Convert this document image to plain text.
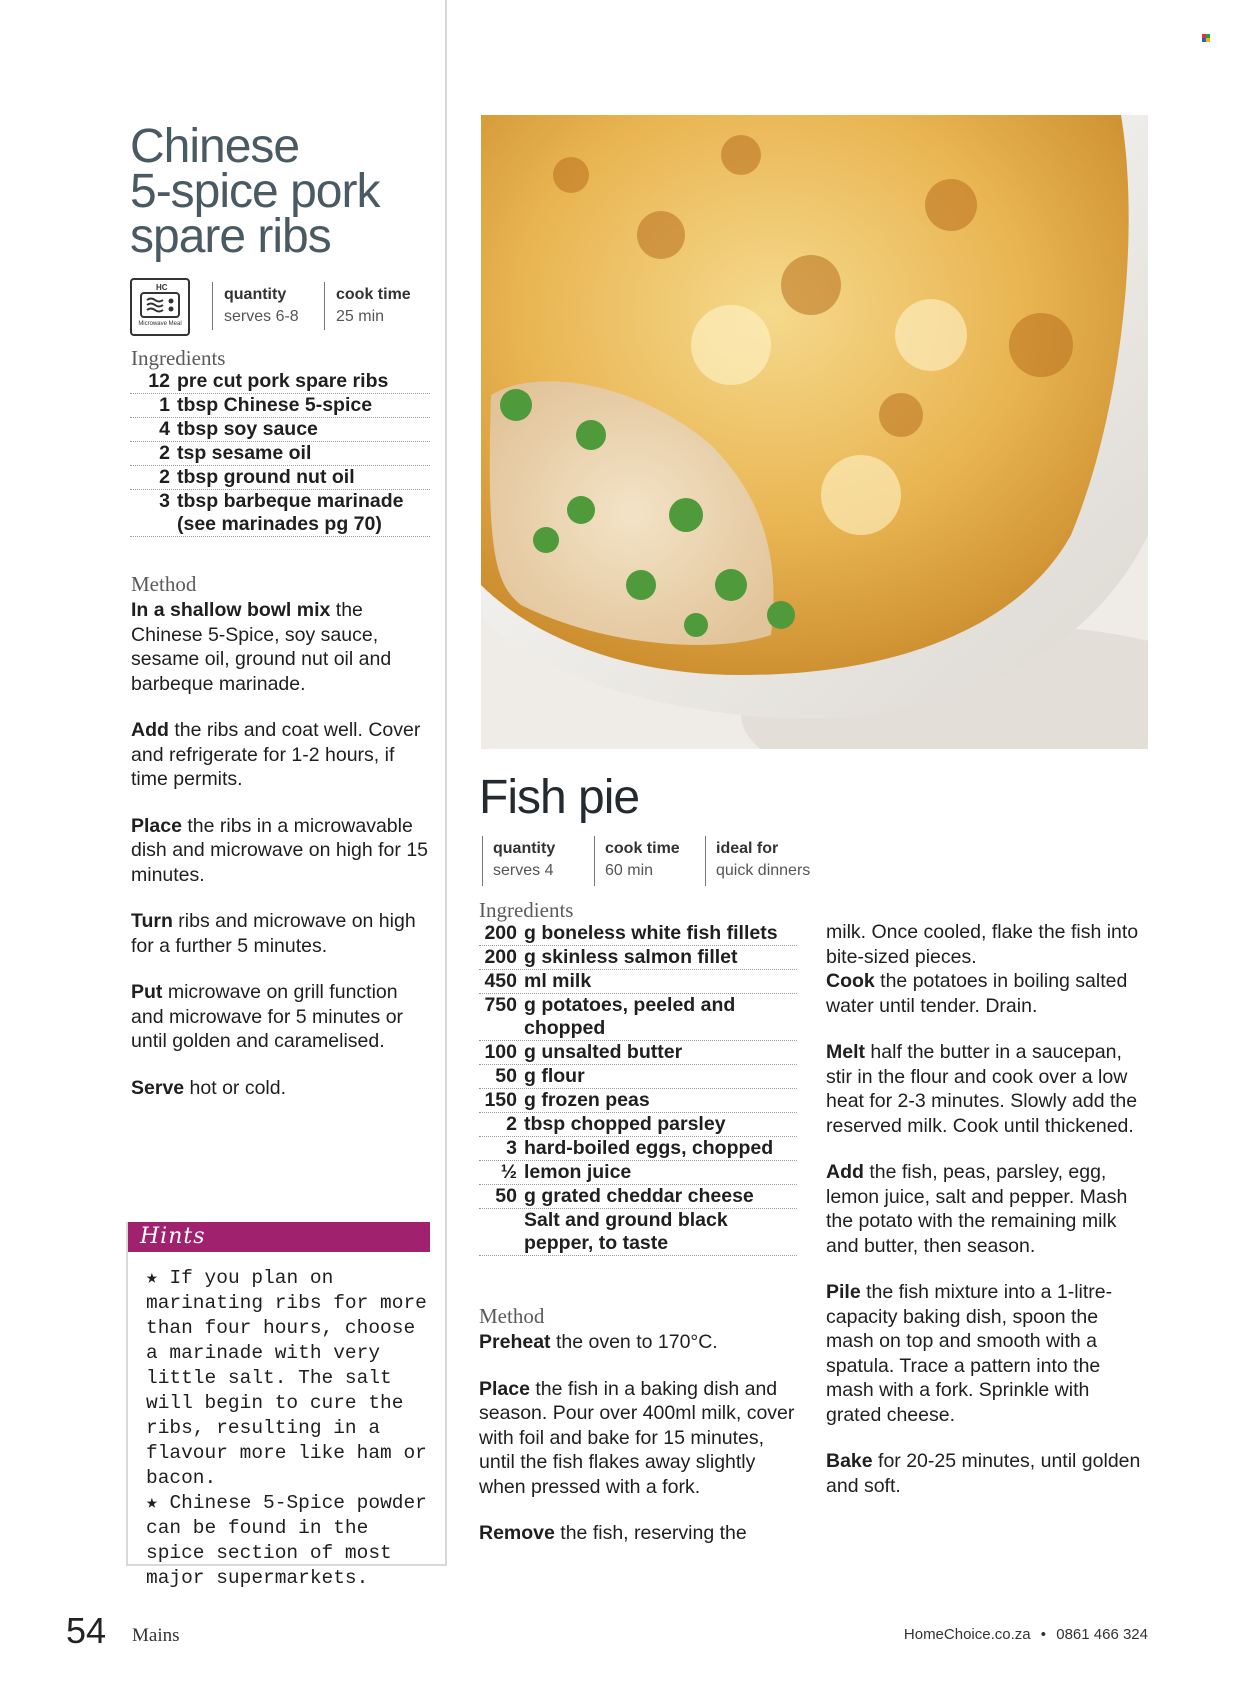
Chinese
5-spice pork
spare ribs
HC
Microwave Meal
quantity
serves 6-8
cook time
25 min
Ingredients
12 pre cut pork spare ribs
1 tbsp Chinese 5-spice
4 tbsp soy sauce
2 tsp sesame oil
2 tbsp ground nut oil
3 tbsp barbeque marinade (see marinades pg 70)
Method

In a shallow bowl mix the Chinese 5-Spice, soy sauce, sesame oil, ground nut oil and barbeque marinade.

Add the ribs and coat well. Cover and refrigerate for 1-2 hours, if time permits.

Place the ribs in a microwavable dish and microwave on high for 15 minutes.

Turn ribs and microwave on high for a further 5 minutes.

Put microwave on grill function and microwave for 5 minutes or until golden and caramelised.

Serve hot or cold.

Hints
★ If you plan on marinating ribs for more than four hours, choose a marinade with very little salt. The salt will begin to cure the ribs, resulting in a flavour more like ham or bacon.
★ Chinese 5-Spice powder can be found in the spice section of most major supermarkets.
Fish pie
quantity
serves 4
cook time
60 min
ideal for
quick dinners
Ingredients
200 g boneless white fish fillets
200 g skinless salmon fillet
450 ml milk
750 g potatoes, peeled and chopped
100 g unsalted butter
50 g flour
150 g frozen peas
2 tbsp chopped parsley
3 hard-boiled eggs, chopped
½ lemon juice
50 g grated cheddar cheese
Salt and ground black pepper, to taste
Method

Preheat the oven to 170°C.

Place the fish in a baking dish and season. Pour over 400ml milk, cover with foil and bake for 15 minutes, until the fish flakes away slightly when pressed with a fork.

Remove the fish, reserving the

milk. Once cooled, flake the fish into bite-sized pieces.

Cook the potatoes in boiling salted water until tender. Drain.

Melt half the butter in a saucepan, stir in the flour and cook over a low heat for 2-3 minutes. Slowly add the reserved milk. Cook until thickened.

Add the fish, peas, parsley, egg, lemon juice, salt and pepper. Mash the potato with the remaining milk and butter, then season.

Pile the fish mixture into a 1-litre-capacity baking dish, spoon the mash on top and smooth with a spatula. Trace a pattern into the mash with a fork. Sprinkle with grated cheese.

Bake for 20-25 minutes, until golden and soft.

54 Mains	HomeChoice.co.za • 0861 466 324
